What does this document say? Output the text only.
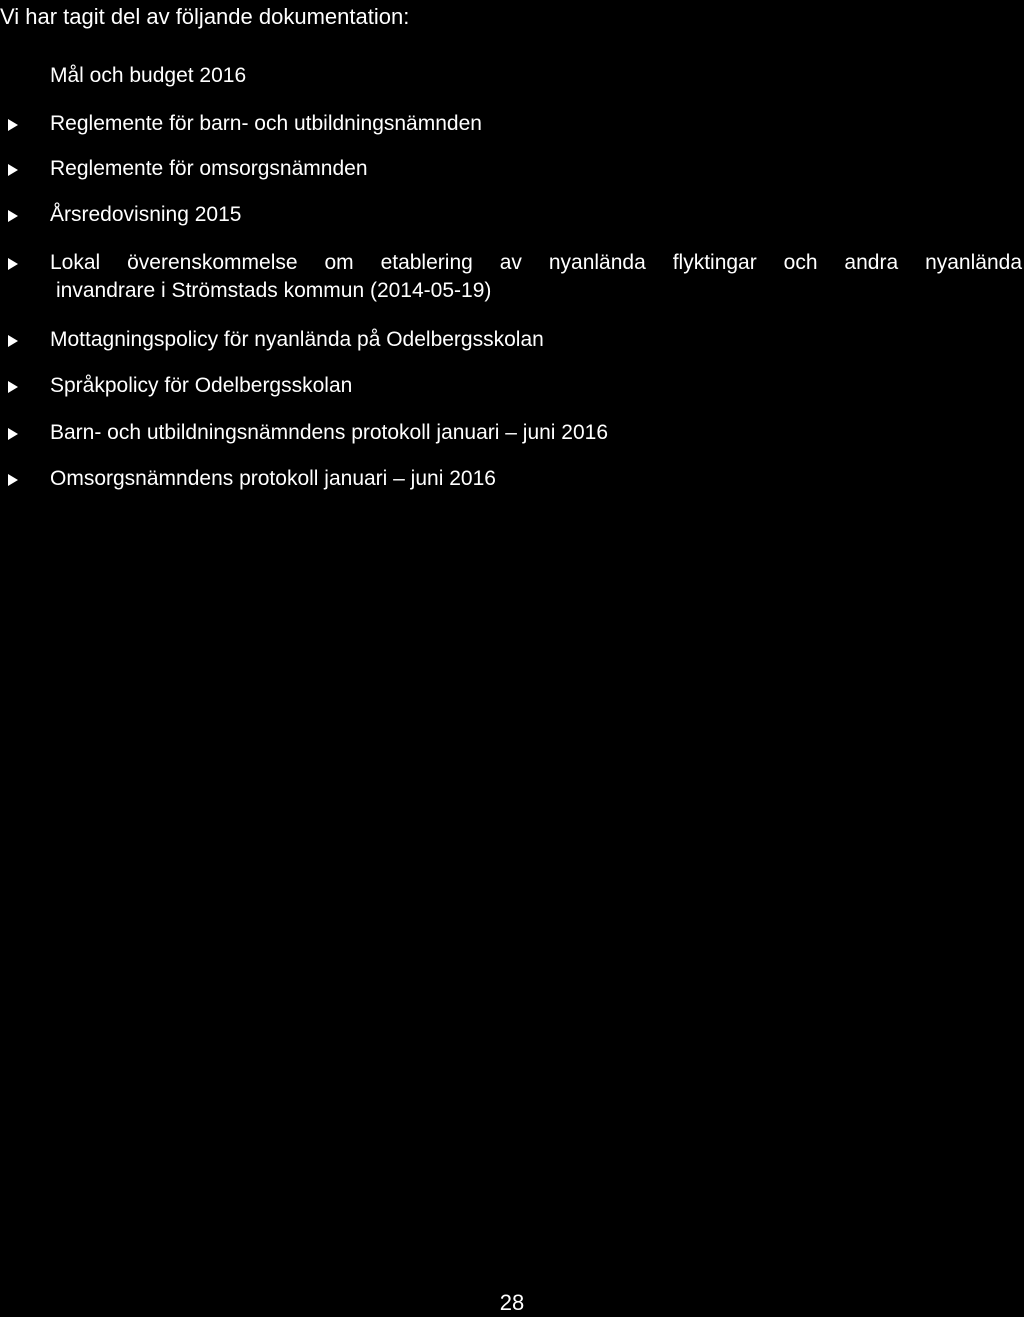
Vi har tagit del av följande dokumentation:
Mål och budget 2016
Reglemente för barn- och utbildningsnämnden
Reglemente för omsorgsnämnden
Årsredovisning 2015
Lokal överenskommelse om etablering av nyanlända flyktingar och andra nyanlända
invandrare i Strömstads kommun (2014-05-19)
Mottagningspolicy för nyanlända på Odelbergsskolan
Språkpolicy för Odelbergsskolan
Barn- och utbildningsnämndens protokoll januari – juni 2016
Omsorgsnämndens protokoll januari – juni 2016
28
